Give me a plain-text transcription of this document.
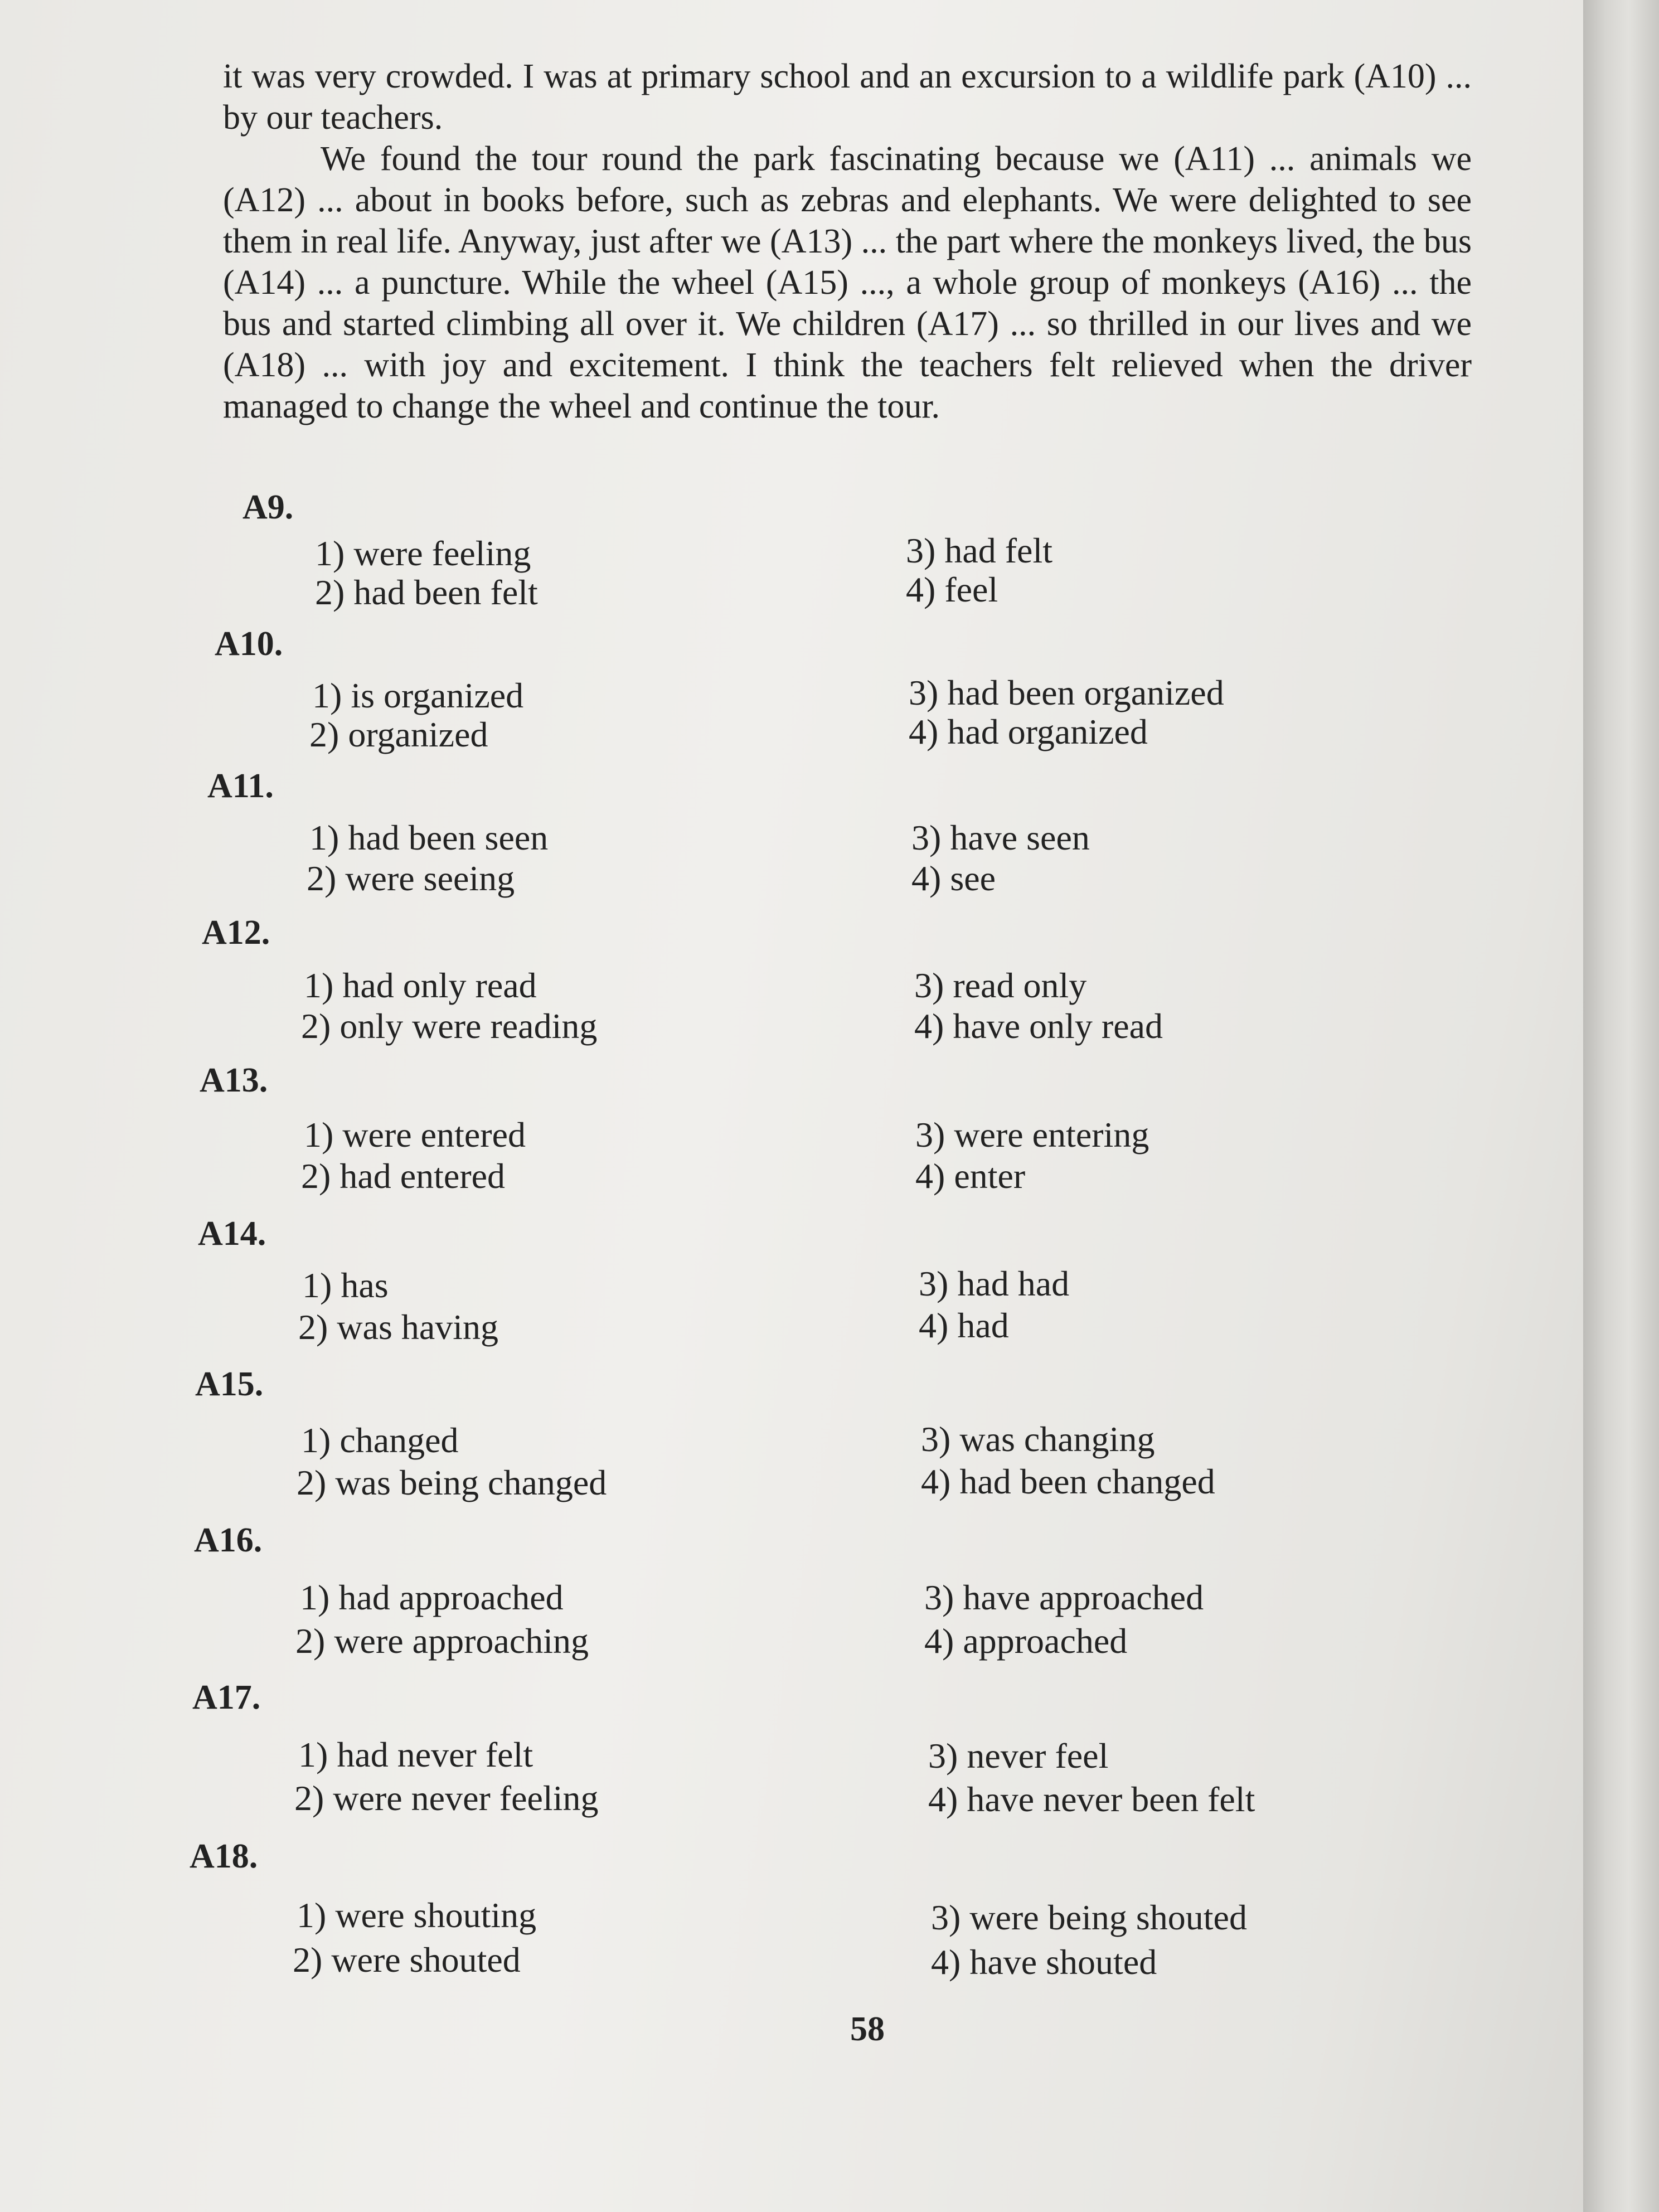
it was very crowded. I was at primary school and an excursion to a wildlife park (A10) ... by our teachers.

We found the tour round the park fascinating because we (A11) ... animals we (A12) ... about in books before, such as zebras and elephants. We were delighted to see them in real life. Anyway, just after we (A13) ... the part where the monkeys lived, the bus (A14) ... a puncture. While the wheel (A15) ..., a whole group of monkeys (A16) ... the bus and started climbing all over it. We children (A17) ... so thrilled in our lives and we (A18) ... with joy and excitement. I think the teachers felt relieved when the driver managed to change the wheel and continue the tour.

A9.
1) were feeling
2) had been felt
3) had felt
4) feel
A10.
1) is organized
2) organized
3) had been organized
4) had organized
A11.
1) had been seen
2) were seeing
3) have seen
4) see
A12.
1) had only read
2) only were reading
3) read only
4) have only read
A13.
1) were entered
2) had entered
3) were entering
4) enter
A14.
1) has
2) was having
3) had had
4) had
A15.
1) changed
2) was being changed
3) was changing
4) had been changed
A16.
1) had approached
2) were approaching
3) have approached
4) approached
A17.
1) had never felt
2) were never feeling
3) never feel
4) have never been felt
A18.
1) were shouting
2) were shouted
3) were being shouted
4) have shouted
58
